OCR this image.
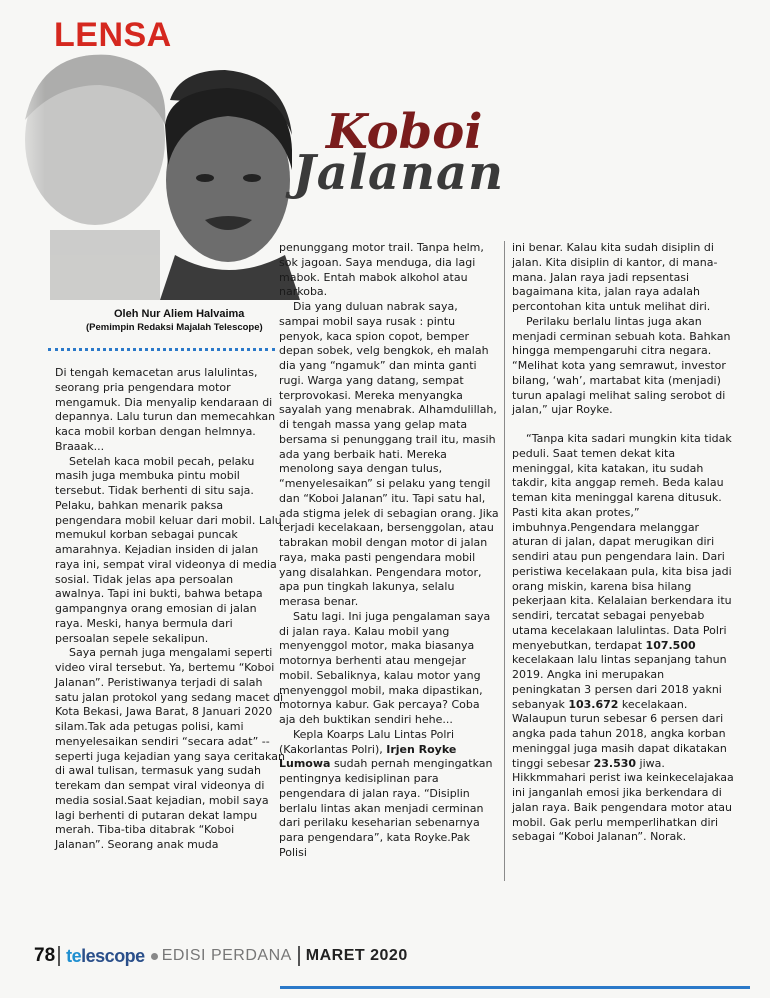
Koboi
Jalanan
Oleh Nur Aliem Halvaima
(Pemimpin Redaksi Majalah Telescope)

Di tengah kemacetan arus lalulintas, seorang pria pengendara motor mengamuk. Dia menyalip kendaraan di depannya. Lalu turun dan memecahkan kaca mobil korban dengan helmnya. Braaak...

Setelah kaca mobil pecah, pelaku masih juga membuka pintu mobil tersebut. Tidak berhenti di situ saja. Pelaku, bahkan menarik paksa pengendara mobil keluar dari mobil. Lalu memukul korban sebagai puncak amarahnya. Kejadian insiden di jalan raya ini, sempat viral videonya di media sosial. Tidak jelas apa persoalan awalnya. Tapi ini bukti, bahwa betapa gampangnya orang emosian di jalan raya. Meski, hanya bermula dari persoalan sepele sekalipun.

Saya pernah juga mengalami seperti video viral tersebut. Ya, bertemu “Koboi Jalanan”. Peristiwanya terjadi di salah satu jalan protokol yang sedang macet di Kota Bekasi, Jawa Barat, 8 Januari 2020 silam.Tak ada petugas polisi, kami menyelesaikan sendiri “secara adat” -- seperti juga kejadian yang saya ceritakan di awal tulisan, termasuk yang sudah terekam dan sempat viral videonya di media sosial.Saat kejadian, mobil saya lagi berhenti di putaran dekat lampu merah. Tiba-tiba ditabrak “Koboi Jalanan”. Seorang anak muda

penunggang motor trail. Tanpa helm, sok jagoan. Saya menduga, dia lagi mabok. Entah mabok alkohol atau narkoba.

Dia yang duluan nabrak saya, sampai mobil saya rusak : pintu penyok, kaca spion copot, bemper depan sobek, velg bengkok, eh malah dia yang “ngamuk” dan minta ganti rugi. Warga yang datang, sempat terprovokasi. Mereka menyangka sayalah yang menabrak. Alhamdulillah, di tengah massa yang gelap mata bersama si penunggang trail itu, masih ada yang berbaik hati. Mereka menolong saya dengan tulus, “menyelesaikan” si pelaku yang tengil dan “Koboi Jalanan” itu. Tapi satu hal, ada stigma jelek di sebagian orang. Jika terjadi kecelakaan, bersenggolan, atau tabrakan mobil dengan motor di jalan raya, maka pasti pengendara mobil yang disalahkan. Pengendara motor, apa pun tingkah lakunya, selalu merasa benar.

Satu lagi. Ini juga pengalaman saya di jalan raya. Kalau mobil yang menyenggol motor, maka biasanya motornya berhenti atau mengejar mobil. Sebaliknya, kalau motor yang menyenggol mobil, maka dipastikan, motornya kabur. Gak percaya? Coba aja deh buktikan sendiri hehe...

Kepla Koarps Lalu Lintas Polri (Kakorlantas Polri), Irjen Royke Lumowa sudah pernah mengingatkan pentingnya kedisiplinan para pengendara di jalan raya. “Disiplin berlalu lintas akan menjadi cerminan dari perilaku keseharian sebenarnya para pengendara”, kata Royke.Pak Polisi

ini benar. Kalau kita sudah disiplin di jalan. Kita disiplin di kantor, di mana-mana. Jalan raya jadi repsentasi bagaimana kita, jalan raya adalah percontohan kita untuk melihat diri.

Perilaku berlalu lintas juga akan menjadi cerminan sebuah kota. Bahkan hingga mempengaruhi citra negara. “Melihat kota yang semrawut, investor bilang, ‘wah’, martabat kita (menjadi) turun apalagi melihat saling serobot di jalan,” ujar Royke.

“Tanpa kita sadari mungkin kita tidak peduli. Saat temen dekat kita meninggal, kita katakan, itu sudah takdir, kita anggap remeh. Beda kalau teman kita meninggal karena ditusuk. Pasti kita akan protes,” imbuhnya.Pengendara melanggar aturan di jalan, dapat merugikan diri sendiri atau pun pengendara lain. Dari peristiwa kecelakaan pula, kita bisa jadi orang miskin, karena bisa hilang pekerjaan kita. Kelalaian berkendara itu sendiri, tercatat sebagai penyebab utama kecelakaan lalulintas. Data Polri menyebutkan, terdapat 107.500 kecelakaan lalu lintas sepanjang tahun 2019. Angka ini merupakan peningkatan 3 persen dari 2018 yakni sebanyak 103.672 kecelakaan. Walaupun turun sebesar 6 persen dari angka pada tahun 2018, angka korban meninggal juga masih dapat dikatakan tinggi sebesar 23.530 jiwa. Hikkmmahari perist iwa keinkecelajakaa ini janganlah emosi jika berkendara di jalan raya. Baik pengendara motor atau mobil. Gak perlu memperlihatkan diri sebagai “Koboi Jalanan”. Norak.

78 telescope EDISI PERDANA MARET 2020
